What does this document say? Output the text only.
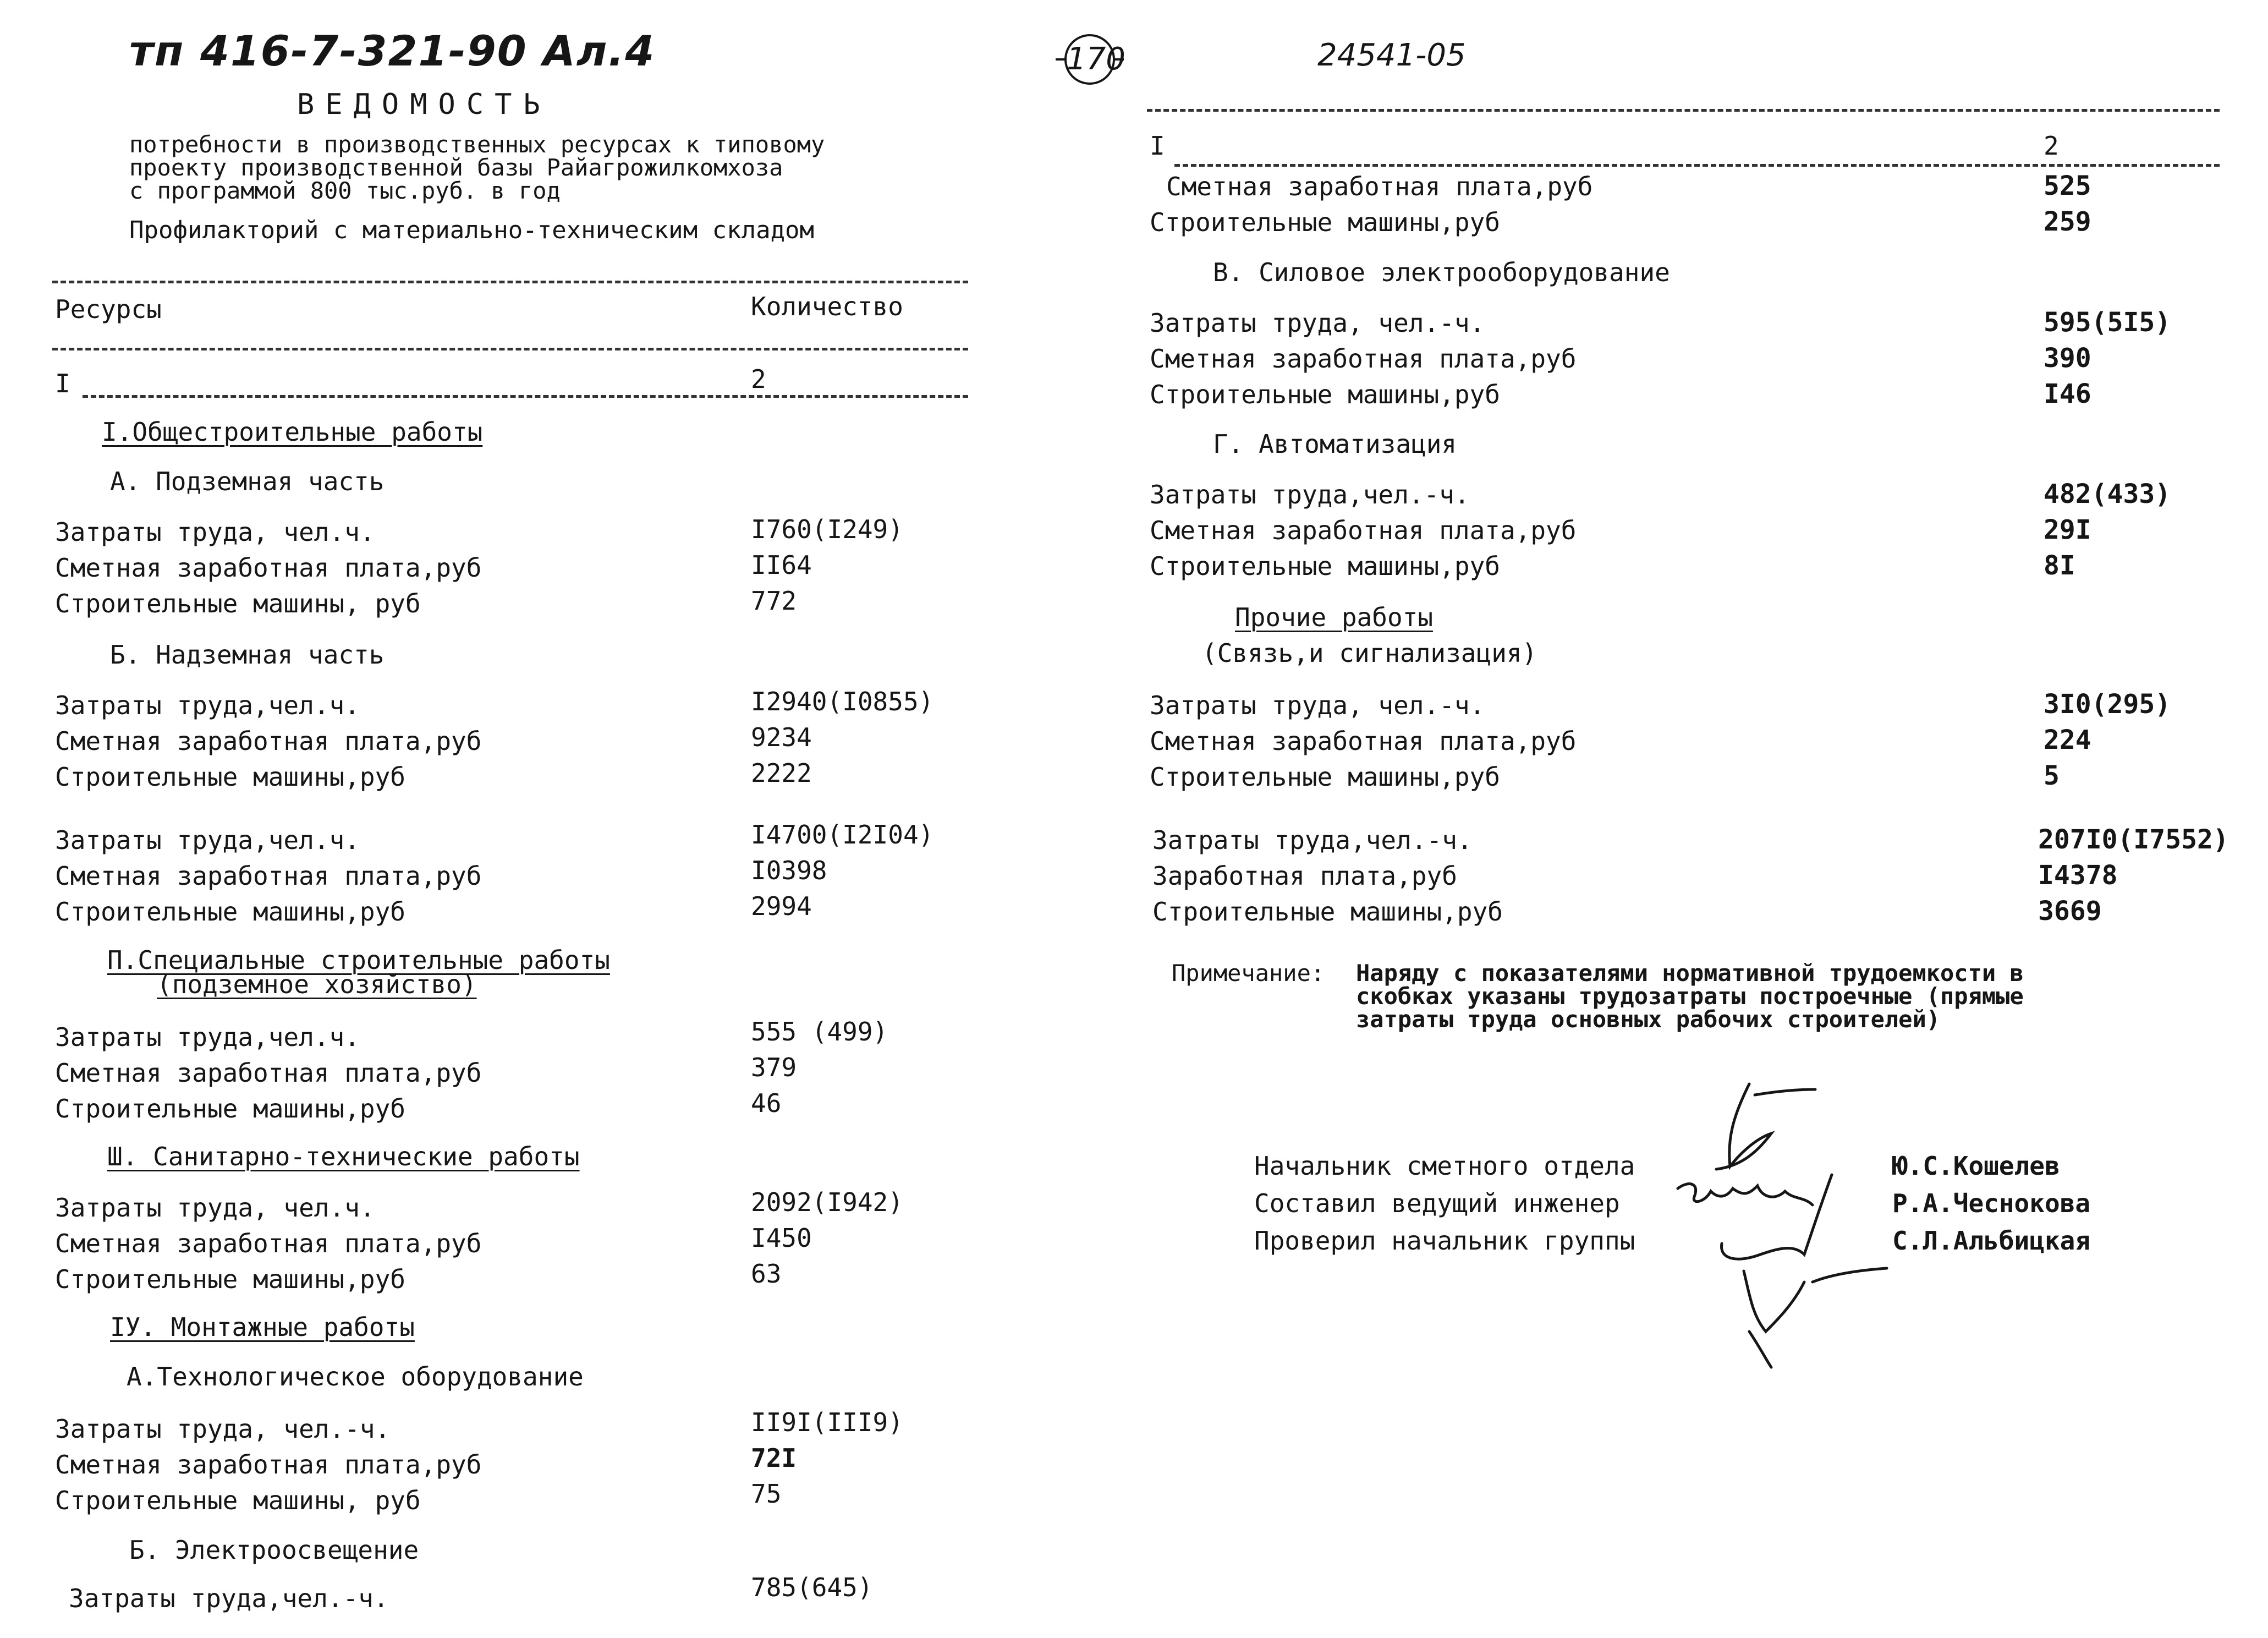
тп 416-7-321-90 Ал.4
ВЕДОМОСТЬ
потребности в производственных ресурсах к типовому
проекту производственной базы Райагрожилкомхоза
с программой 800 тыс.руб. в год
Профилакторий с материально-техническим складом
Ресурсы	Количество
I	2
I.Общестроительные работы
А. Подземная часть
Затраты труда, чел.ч.	I760(I249)
Сметная заработная плата,руб	II64
Строительные машины, руб	772
Б. Надземная часть
Затраты труда,чел.ч.	I2940(I0855)
Сметная заработная плата,руб	9234
Строительные машины,руб	2222
Затраты труда,чел.ч.	I4700(I2I04)
Сметная заработная плата,руб	I0398
Строительные машины,руб	2994
П.Специальные строительные работы
(подземное хозяйство)
Затраты труда,чел.ч.	555 (499)
Сметная заработная плата,руб	379
Строительные машины,руб	46
Ш. Санитарно-технические работы
Затраты труда, чел.ч.	2092(I942)
Сметная заработная плата,руб	I450
Строительные машины,руб	63
IУ. Монтажные работы
А.Технологическое оборудование
Затраты труда, чел.-ч.	II9I(III9)
Сметная заработная плата,руб	72I
Строительные машины, руб	75
Б. Электроосвещение
Затраты труда,чел.-ч.	785(645)
170	24541-05
I	2
Сметная заработная плата,руб	525
Строительные машины,руб	259
В. Силовое электрооборудование
Затраты труда, чел.-ч.	595(5I5)
Сметная заработная плата,руб	390
Строительные машины,руб	I46
Г. Автоматизация
Затраты труда,чел.-ч.	482(433)
Сметная заработная плата,руб	29I
Строительные машины,руб	8I
Прочие работы
(Связь,и сигнализация)
Затраты труда, чел.-ч.	3I0(295)
Сметная заработная плата,руб	224
Строительные машины,руб	5
Затраты труда,чел.-ч.	207I0(I7552)
Заработная плата,руб	I4378
Строительные машины,руб	3669
Примечание: Наряду с показателями нормативной трудоемкости в
скобках указаны трудозатраты построечные (прямые
затраты труда основных рабочих строителей)
Начальник сметного отдела	Ю.С.Кошелев
Составил ведущий инженер	Р.А.Чеснокова
Проверил начальник группы	С.Л.Альбицкая
